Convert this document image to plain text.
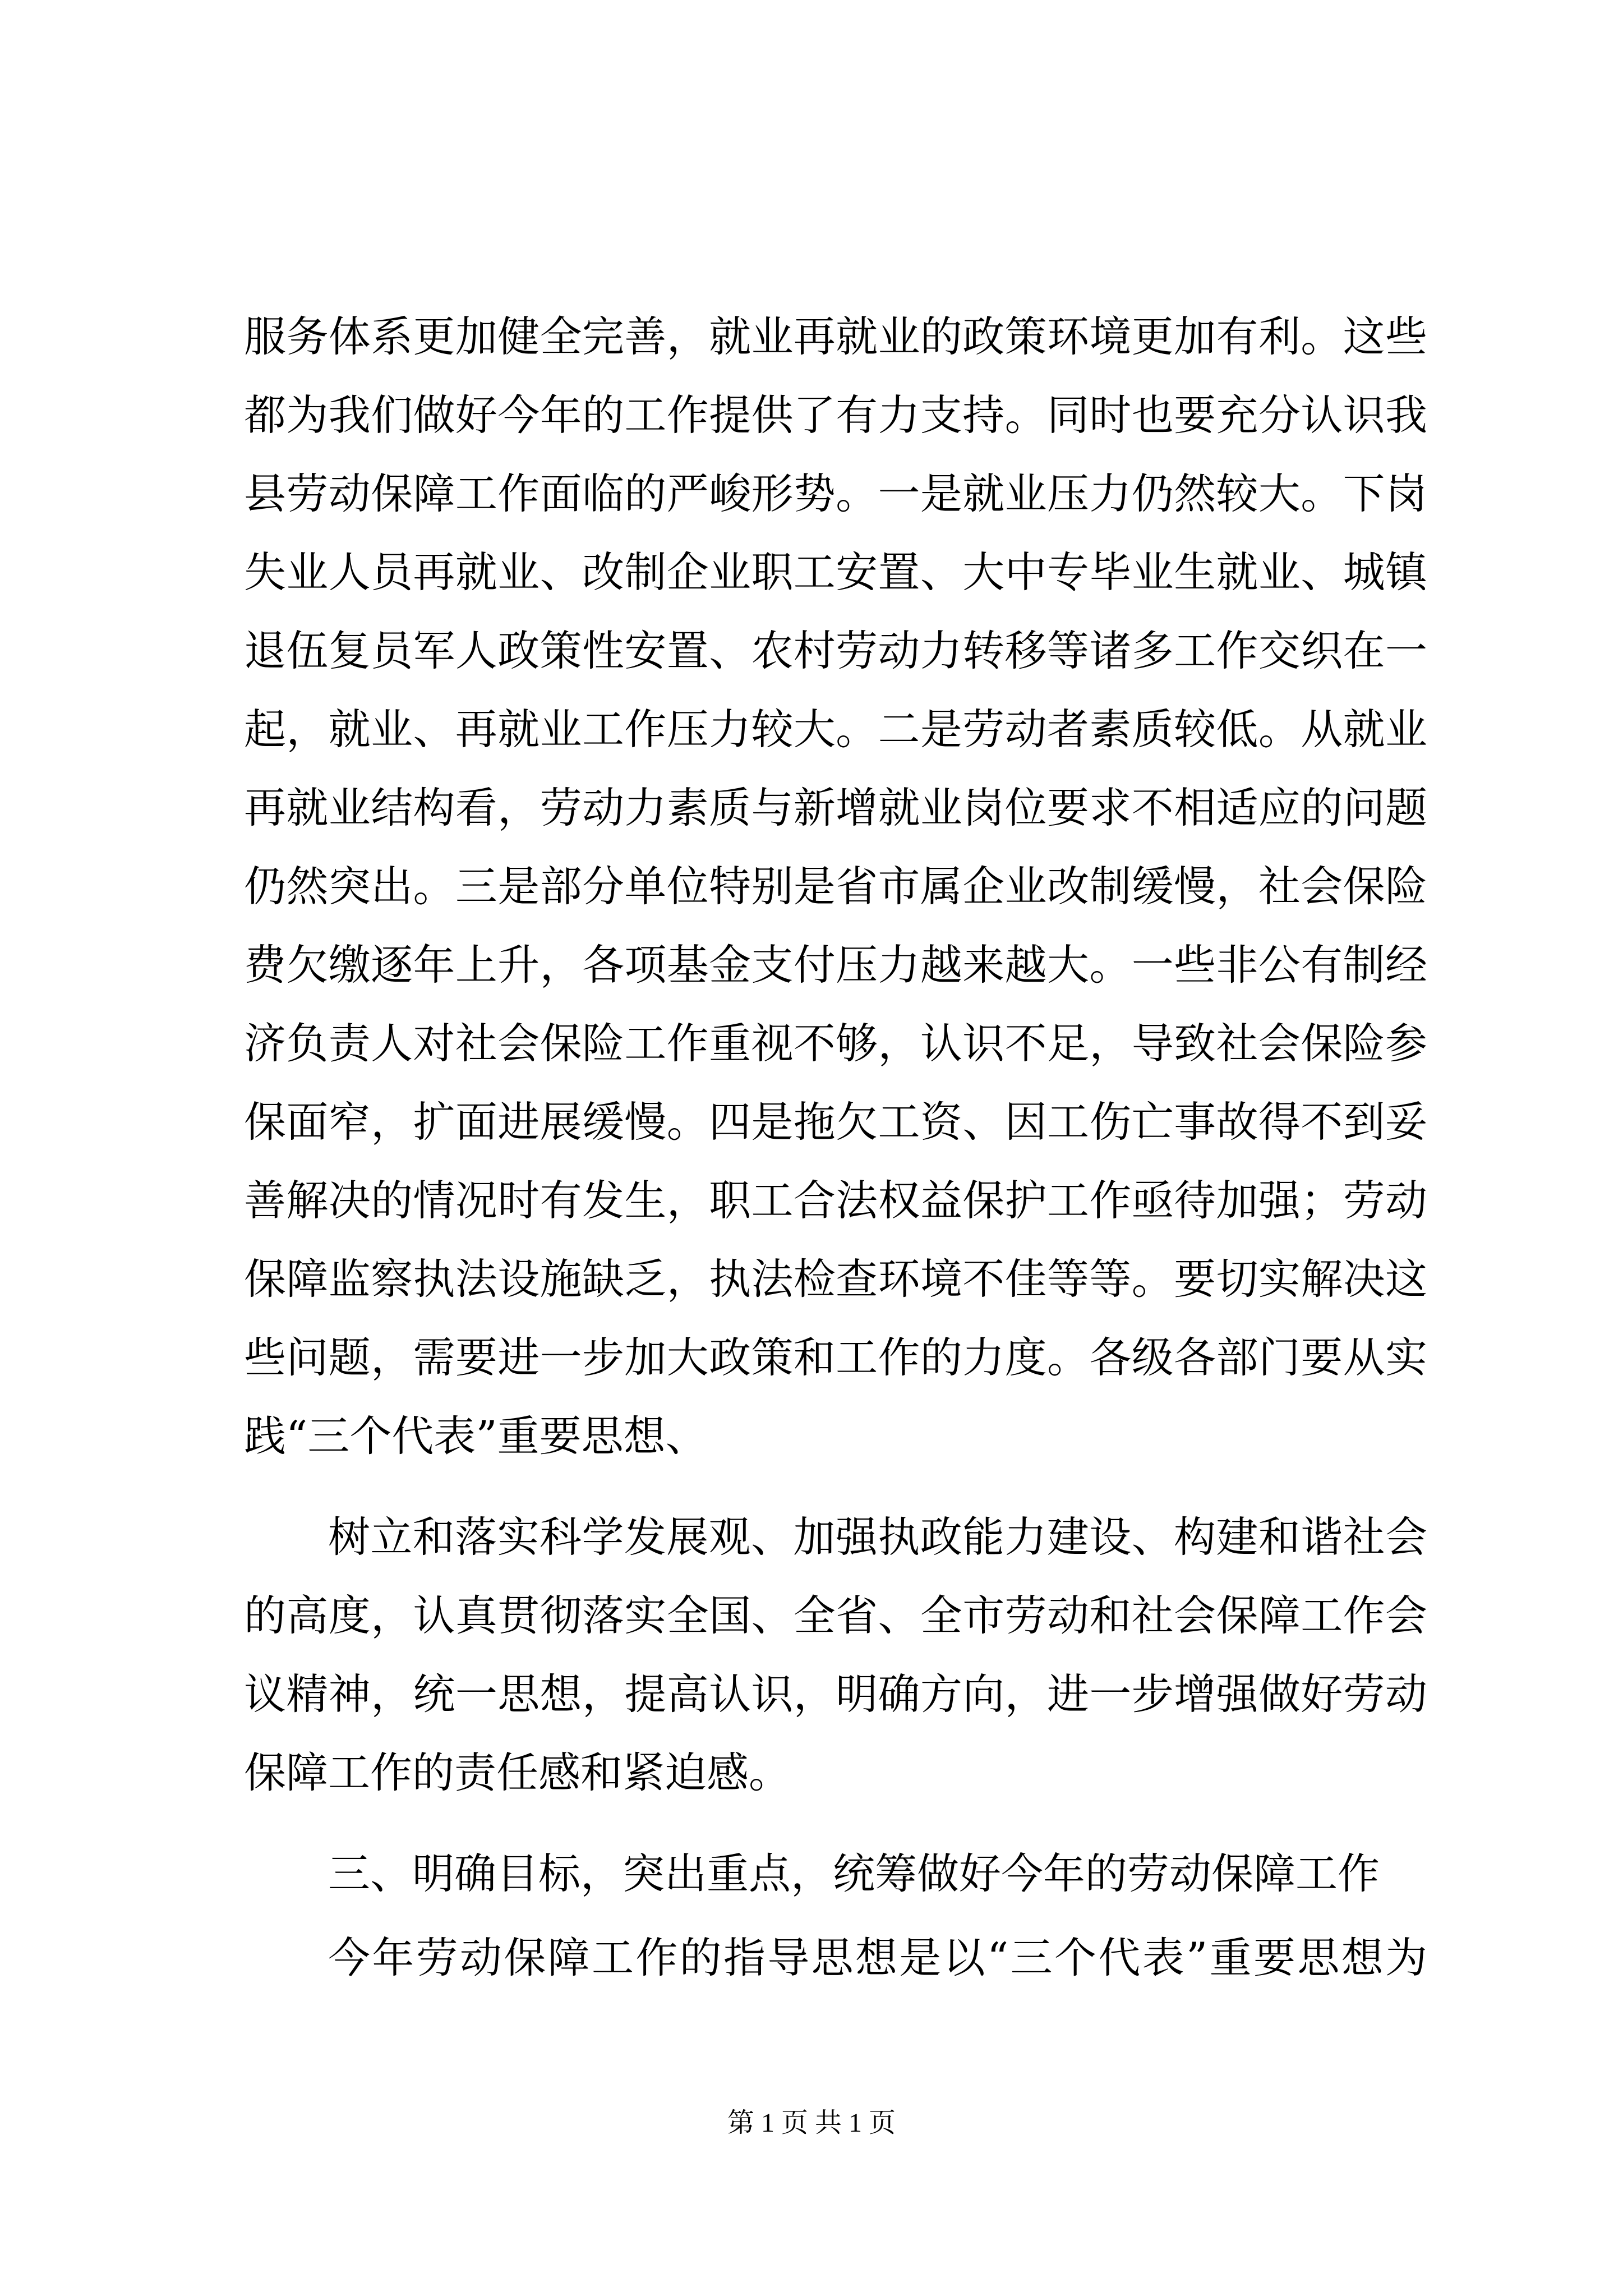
服务体系更加健全完善，就业再就业的政策环境更加有利。这些
都为我们做好今年的工作提供了有力支持。同时也要充分认识我
县劳动保障工作面临的严峻形势。一是就业压力仍然较大。下岗
失业人员再就业、改制企业职工安置、大中专毕业生就业、城镇
退伍复员军人政策性安置、农村劳动力转移等诸多工作交织在一
起，就业、再就业工作压力较大。二是劳动者素质较低。从就业
再就业结构看，劳动力素质与新增就业岗位要求不相适应的问题
仍然突出。三是部分单位特别是省市属企业改制缓慢，社会保险
费欠缴逐年上升，各项基金支付压力越来越大。一些非公有制经
济负责人对社会保险工作重视不够，认识不足，导致社会保险参
保面窄，扩面进展缓慢。四是拖欠工资、因工伤亡事故得不到妥
善解决的情况时有发生，职工合法权益保护工作亟待加强；劳动
保障监察执法设施缺乏，执法检查环境不佳等等。要切实解决这
些问题，需要进一步加大政策和工作的力度。各级各部门要从实
践“三个代表”重要思想、
树立和落实科学发展观、加强执政能力建设、构建和谐社会
的高度，认真贯彻落实全国、全省、全市劳动和社会保障工作会
议精神，统一思想，提高认识，明确方向，进一步增强做好劳动
保障工作的责任感和紧迫感。
三、明确目标，突出重点，统筹做好今年的劳动保障工作
今年劳动保障工作的指导思想是以“三个代表”重要思想为
第 1 页 共 1 页
